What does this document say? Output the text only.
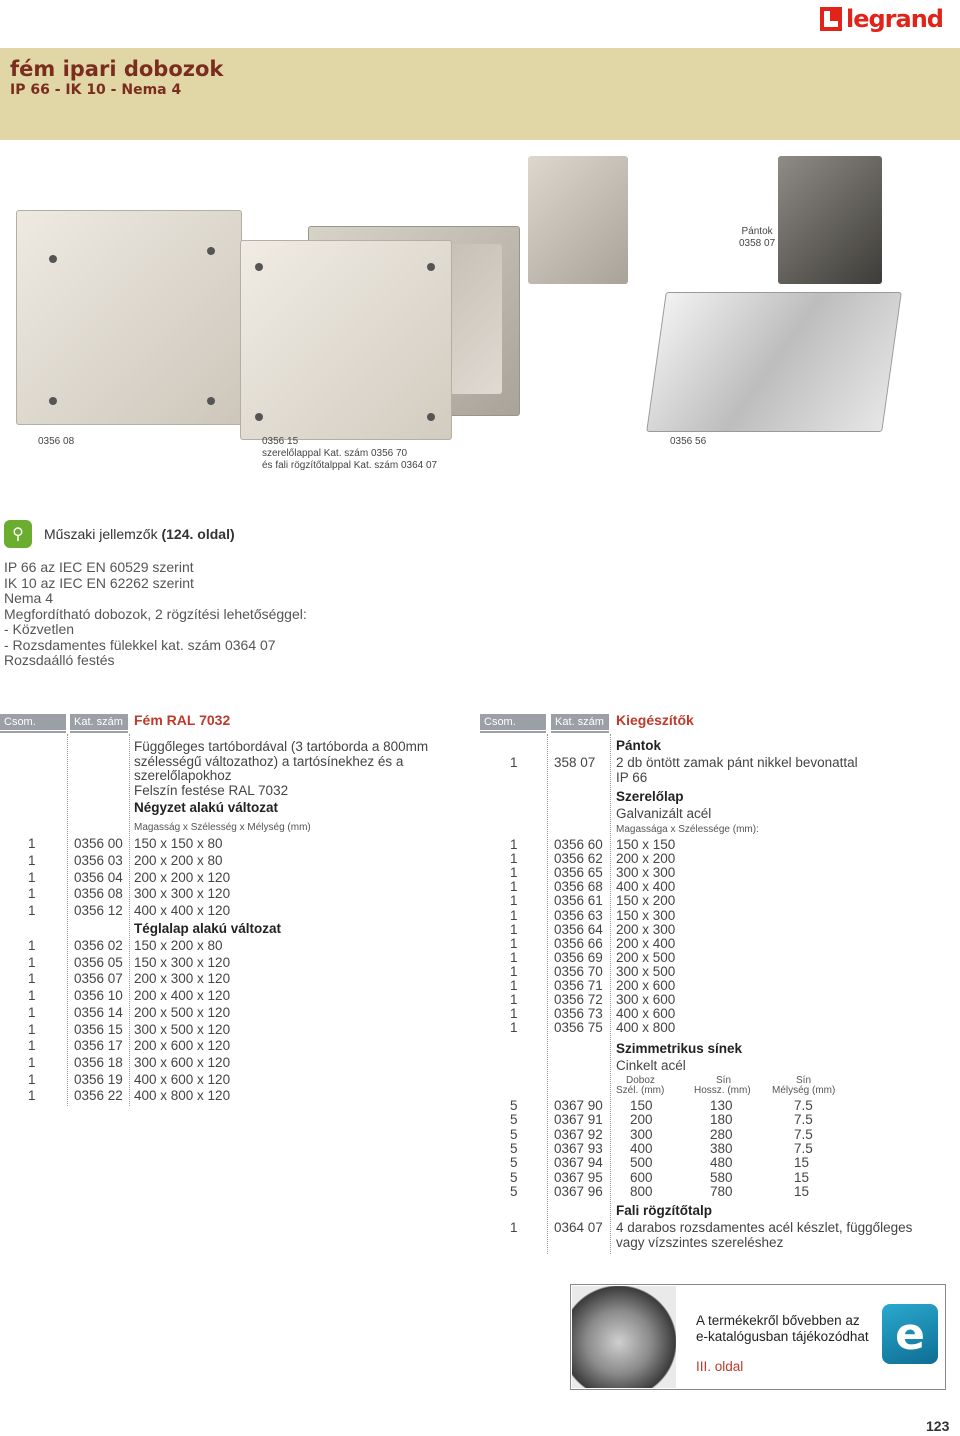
legrand
fém ipari dobozok
IP 66 - IK 10 - Nema 4
Pántok
0358 07
0356 08	0356 15
szerelőlappal Kat. szám 0356 70
és fali rögzítőtalppal Kat. szám 0364 07
0356 56
⚲	Műszaki jellemzők (124. oldal)
IP 66 az IEC EN 60529 szerint
IK 10 az IEC EN 62262 szerint
Nema 4
Megfordítható dobozok, 2 rögzítési lehetőséggel:
- Közvetlen
- Rozsdamentes fülekkel kat. szám 0364 07
Rozsdaálló festés
Csom.	Kat. szám Fém RAL 7032
Függőleges tartóbordával (3 tartóborda a 800mm
szélességű változathoz) a tartósínekhez és a
szerelőlapokhoz
Felszín festése RAL 7032
Négyzet alakú változat
Magasság x Szélesség x Mélység (mm)
1	0356 00 150 x 150 x 80
1	0356 03 200 x 200 x 80
1	0356 04 200 x 200 x 120
1	0356 08 300 x 300 x 120
1	0356 12 400 x 400 x 120
Téglalap alakú változat
1	0356 02 150 x 200 x 80
1	0356 05 150 x 300 x 120
1	0356 07 200 x 300 x 120
1	0356 10 200 x 400 x 120
1	0356 14 200 x 500 x 120
1	0356 15 300 x 500 x 120
1	0356 17 200 x 600 x 120
1	0356 18 300 x 600 x 120
1	0356 19 400 x 600 x 120
1	0356 22 400 x 800 x 120
Csom.	Kat. szám Kiegészítők
Pántok
1	358 07 2 db öntött zamak pánt nikkel bevonattal
IP 66
Szerelőlap
Galvanizált acél
Magassága x Szélessége (mm):
1	0356 60 150 x 150
1	0356 62 200 x 200
1	0356 65 300 x 300
1	0356 68 400 x 400
1	0356 61 150 x 200
1	0356 63 150 x 300
1	0356 64 200 x 300
1	0356 66 200 x 400
1	0356 69 200 x 500
1	0356 70 300 x 500
1	0356 71 200 x 600
1	0356 72 300 x 600
1	0356 73 400 x 600
1	0356 75 400 x 800
Szimmetrikus sínek
Cinkelt acél
Doboz
Szél. (mm)
Sín
Hossz. (mm)
Sín
Mélység (mm)
5	0367 90 150	130	7.5
5	0367 91 200	180	7.5
5	0367 92 300	280	7.5
5	0367 93 400	380	7.5
5	0367 94 500	480	15
5	0367 95 600	580	15
5	0367 96 800	780	15
Fali rögzítőtalp
1	0364 07 4 darabos rozsdamentes acél készlet, függőleges
vagy vízszintes szereléshez
A termékekről bővebben az
e-katalógusban tájékozódhat
III. oldal
e
123
